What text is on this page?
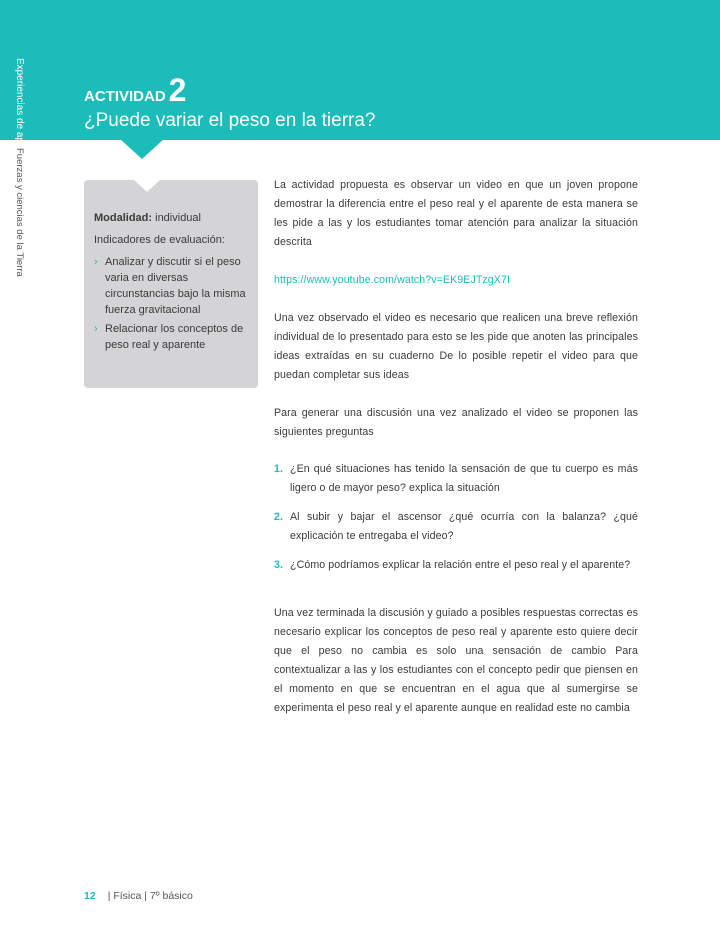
Experiencias de aprendizaje
Fuerzas y ciencias de la Tierra
ACTIVIDAD2
¿Puede variar el peso en la tierra?

Modalidad: individual

Indicadores de evaluación:

› Analizar y discutir si el peso varia en diversas circunstancias bajo la misma fuerza gravitacional
› Relacionar los conceptos de peso real y aparente
La actividad propuesta es observar un video en que un joven propone demostrar la diferencia entre el peso real y el aparente de esta manera se les pide a las y los estudiantes tomar atención para analizar la situación descrita
https://www.youtube.com/watch?v=EK9EJTzgX7I
Una vez observado el video es necesario que realicen una breve reflexión individual de lo presentado para esto se les pide que anoten las principales ideas extraídas en su cuaderno De lo posible repetir el video para que puedan completar sus ideas
Para generar una discusión una vez analizado el video se proponen las siguientes preguntas
1. ¿En qué situaciones has tenido la sensación de que tu cuerpo es más ligero o de mayor peso? explica la situación
2. Al subir y bajar el ascensor ¿qué ocurría con la balanza? ¿qué explicación te entregaba el video?
3. ¿Cómo podríamos explicar la relación entre el peso real y el aparente?
Una vez terminada la discusión y guiado a posibles respuestas correctas es necesario explicar los conceptos de peso real y aparente esto quiere decir que el peso no cambia es solo una sensación de cambio Para contextualizar a las y los estudiantes con el concepto pedir que piensen en el momento en que se encuentran en el agua que al sumergirse se experimenta el peso real y el aparente aunque en realidad este no cambia
12 | Física | 7º básico
